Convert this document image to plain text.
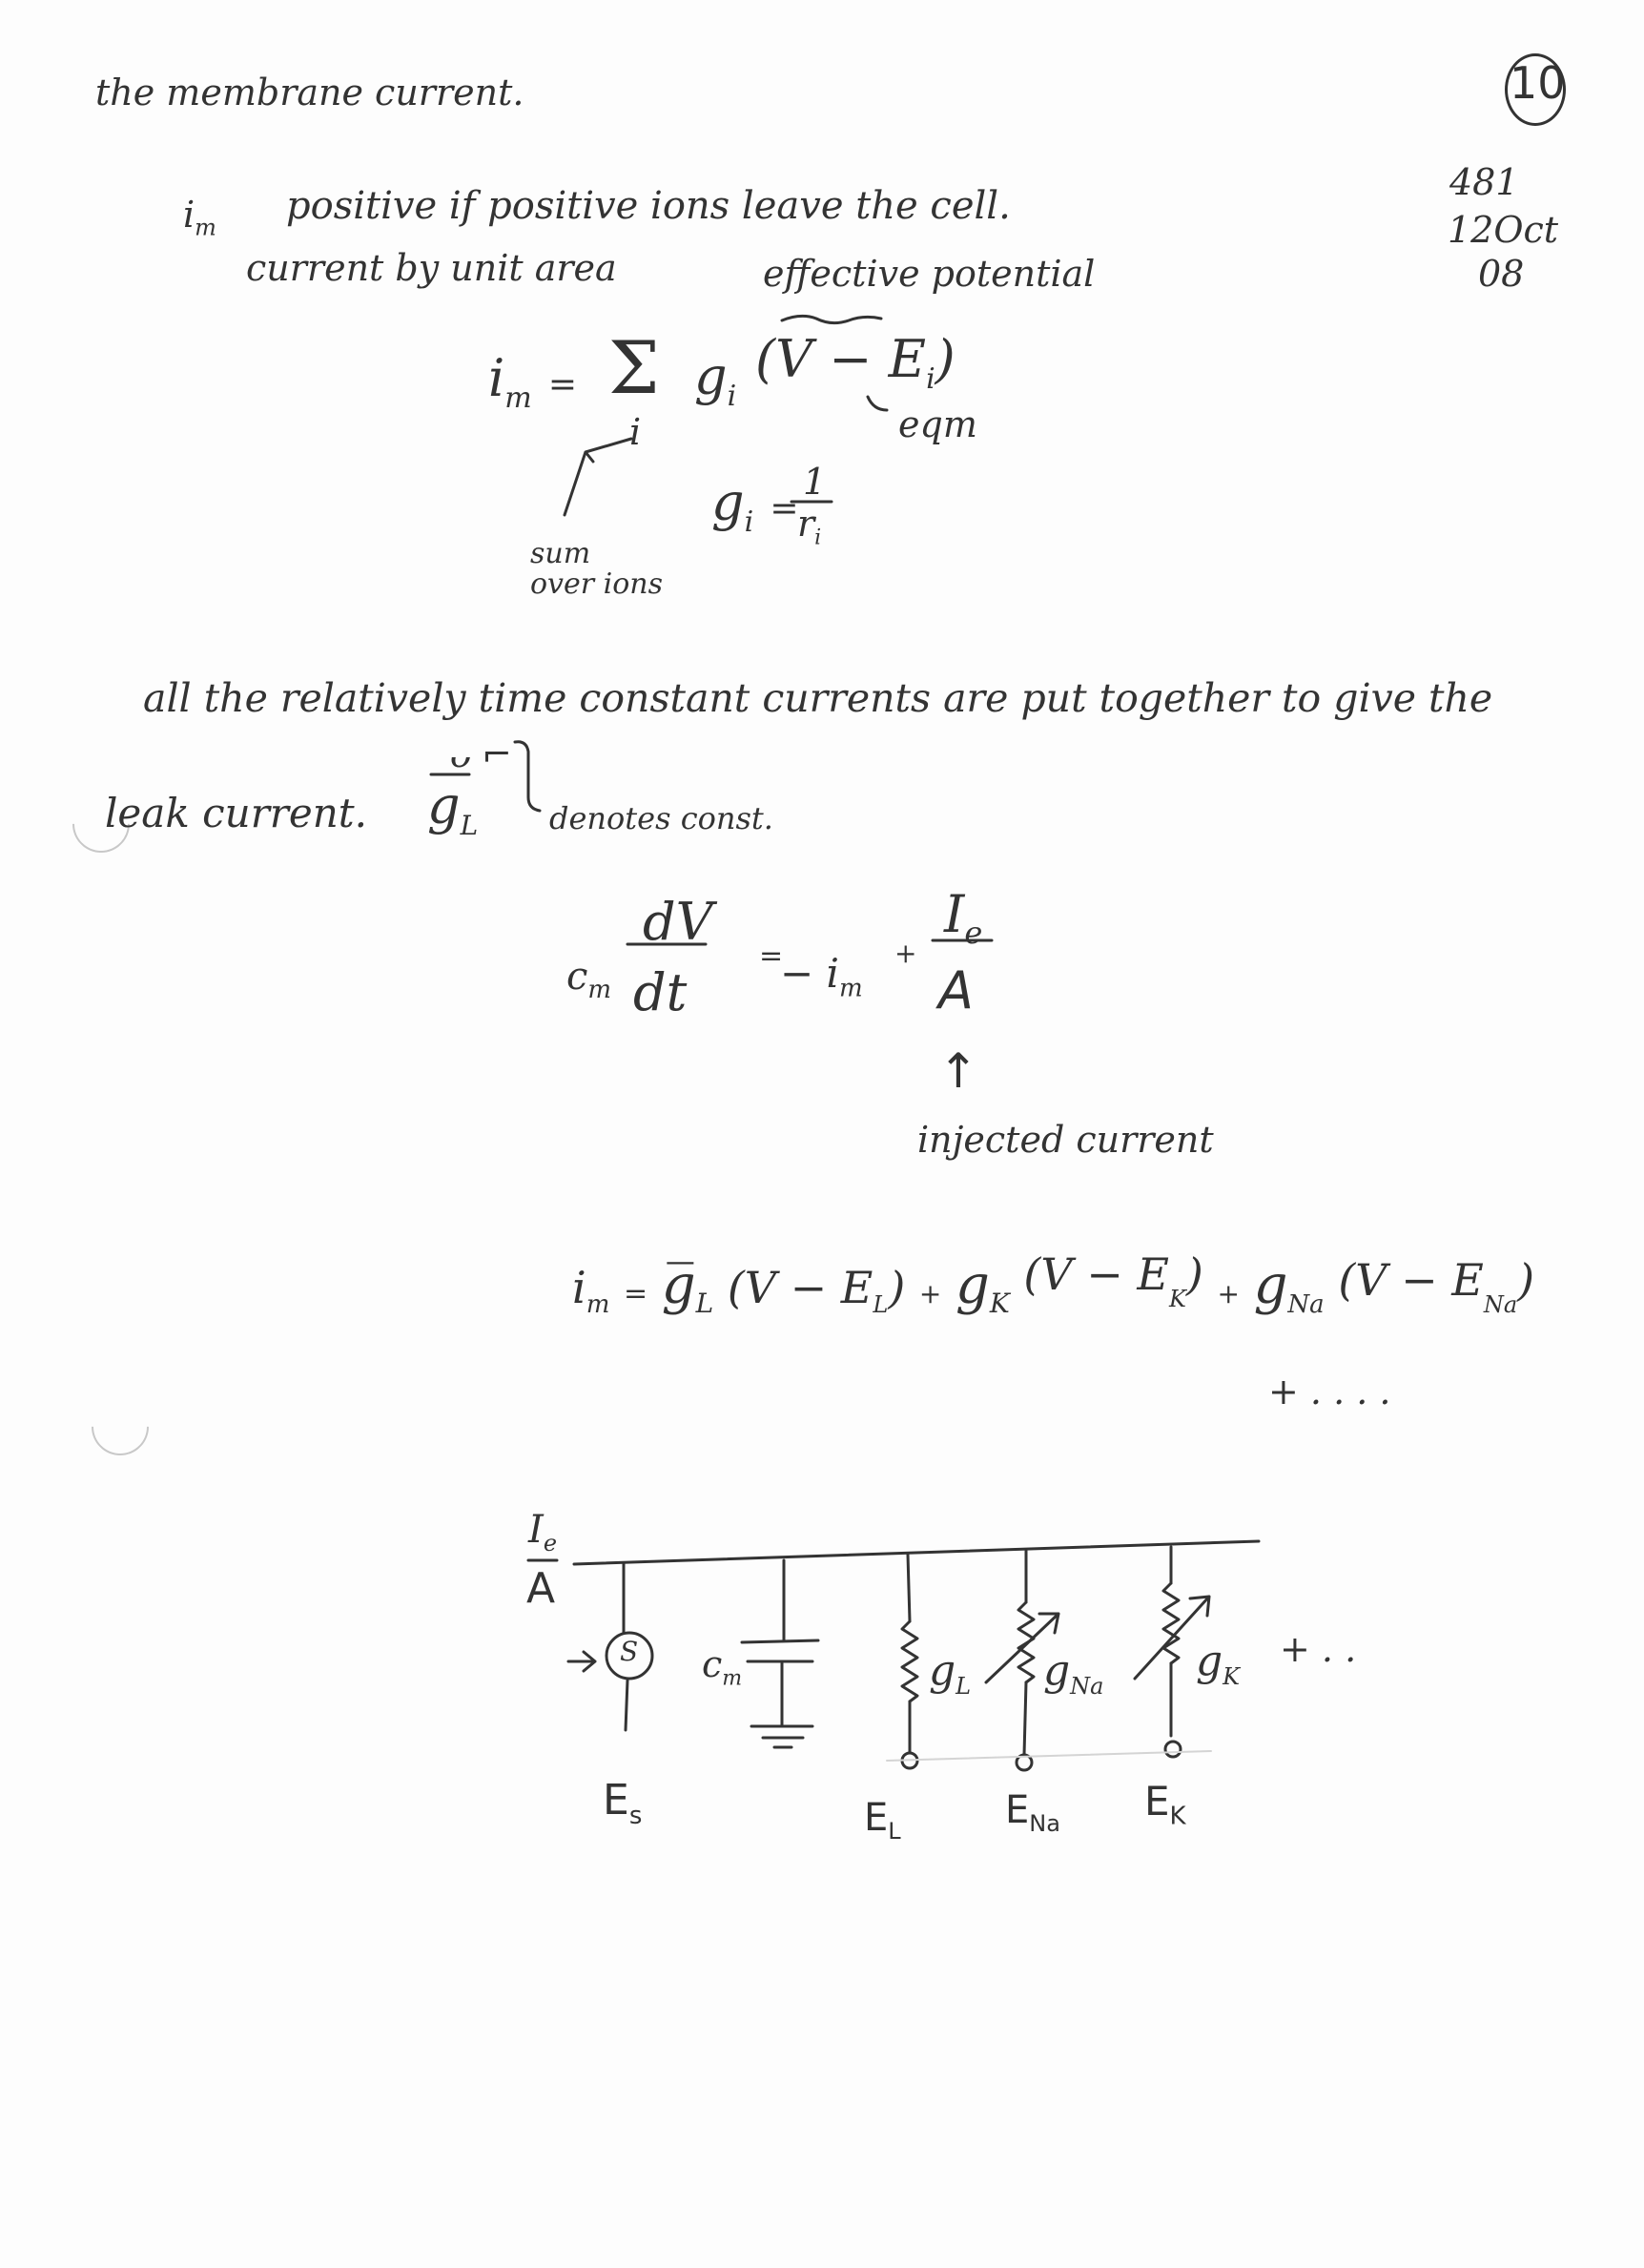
the membrane current.	10
481
12Oct
08
$i_m$ positive if positive ions leave the cell.
current by unit area	effective potential
$i_m = \Sigma$
i
$g_i$
$(V - E_i)$
eqm
sum
over ions
$g_i$ =
1
$r_i$
all the relatively time constant currents are put together to give the
leak current. $g_L$
ᴗ ⌐
denotes const.
$c_m$
dV
dt
=
− $i_m$
+
$I_e$
A
↑
injected current
$i_m$ = $g̅_L$ $(V - E_L) + g_K$ $(V - E_K) + g_{Na}$ $(V - E_{Na})$
+ . . . .
$I_e$
A
S $c_m$	$g_L$ $g_{Na}$
$g_K$
+ . .
$E_s$	$E_L$	$E_{Na}$ $E_K$
